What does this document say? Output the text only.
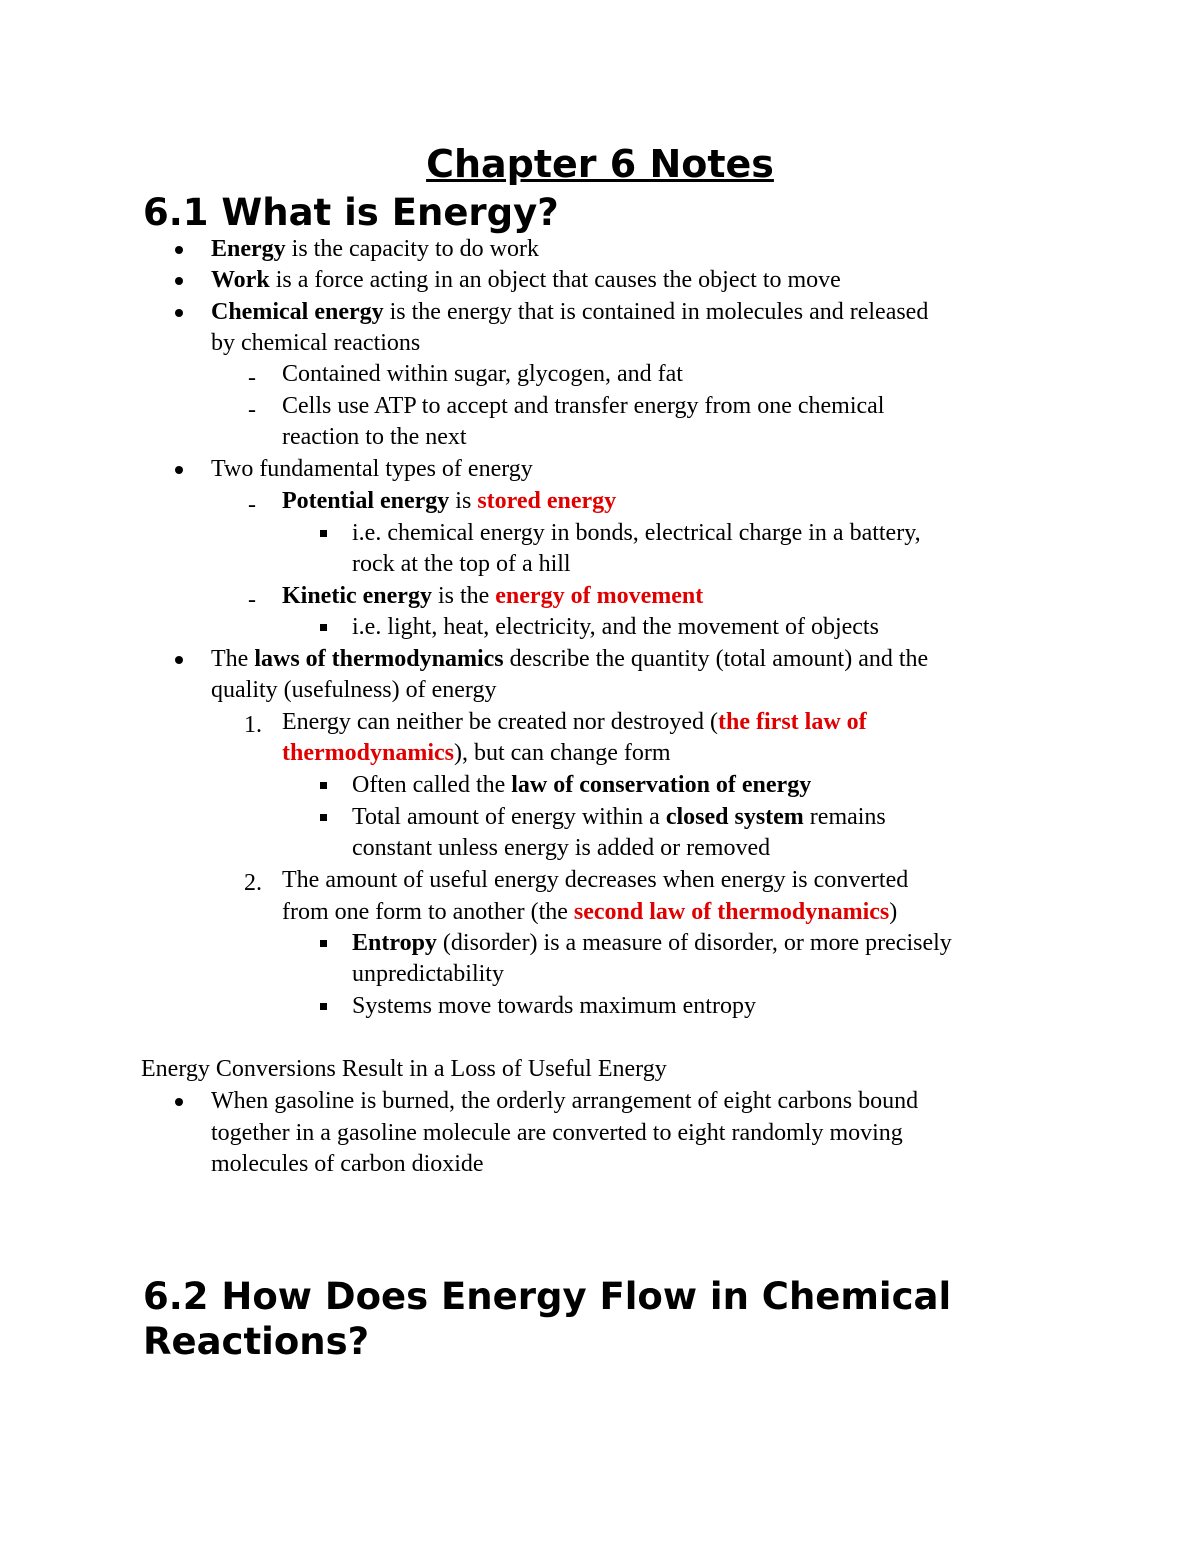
Chapter 6 Notes
6.1 What is Energy?
Energy is the capacity to do work
Work is a force acting in an object that causes the object to move
Chemical energy is the energy that is contained in molecules and released
by chemical reactions
- Contained within sugar, glycogen, and fat
- Cells use ATP to accept and transfer energy from one chemical
reaction to the next
Two fundamental types of energy
- Potential energy is stored energy
i.e. chemical energy in bonds, electrical charge in a battery,
rock at the top of a hill
- Kinetic energy is the energy of movement
i.e. light, heat, electricity, and the movement of objects
The laws of thermodynamics describe the quantity (total amount) and the
quality (usefulness) of energy
1. Energy can neither be created nor destroyed (the first law of
thermodynamics), but can change form
Often called the law of conservation of energy
Total amount of energy within a closed system remains
constant unless energy is added or removed
2. The amount of useful energy decreases when energy is converted
from one form to another (the second law of thermodynamics)
Entropy (disorder) is a measure of disorder, or more precisely
unpredictability
Systems move towards maximum entropy
Energy Conversions Result in a Loss of Useful Energy
When gasoline is burned, the orderly arrangement of eight carbons bound
together in a gasoline molecule are converted to eight randomly moving
molecules of carbon dioxide
6.2 How Does Energy Flow in Chemical
Reactions?
